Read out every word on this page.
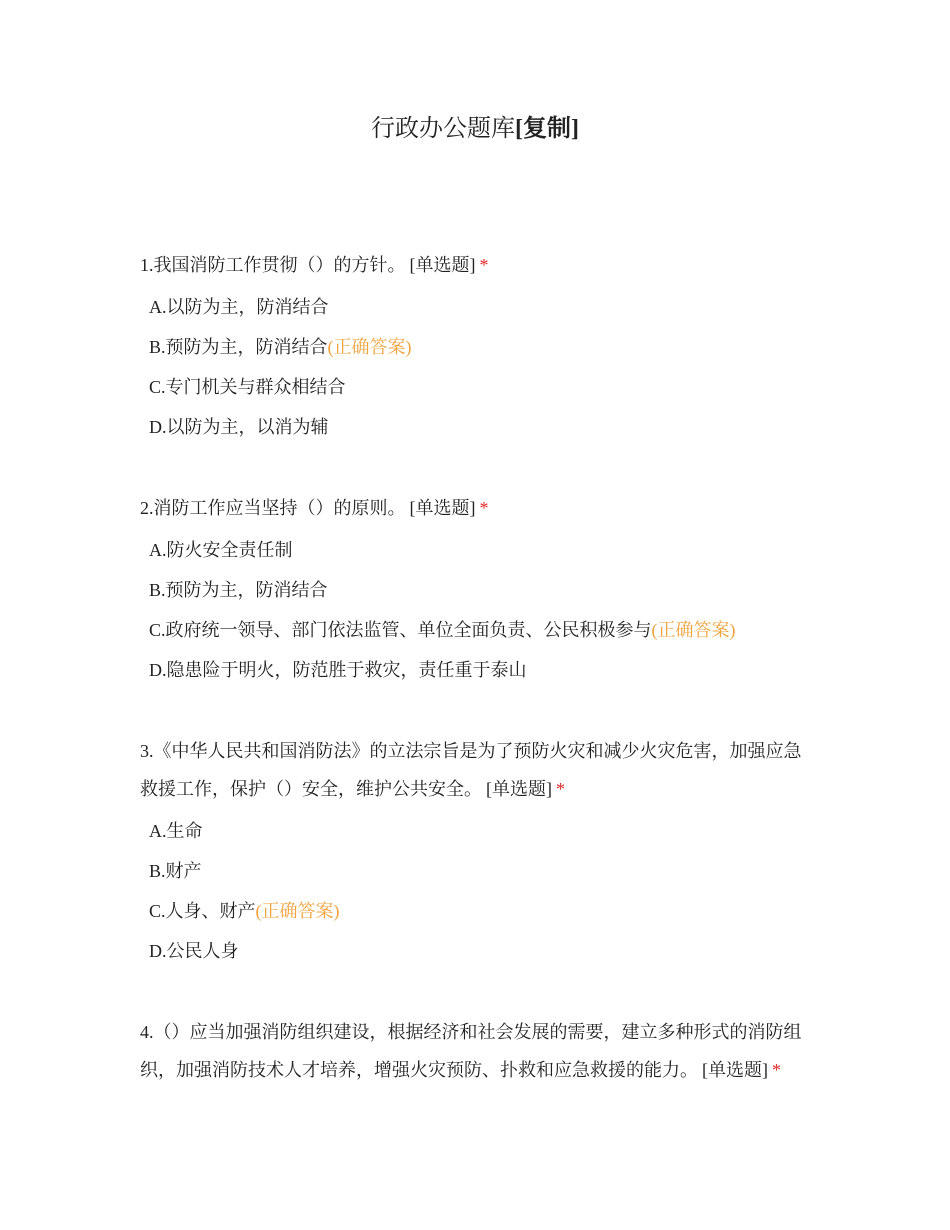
行政办公题库[复制]

1.我国消防工作贯彻（）的方针。 [单选题] *

A.以防为主，防消结合
B.预防为主，防消结合(正确答案)
C.专门机关与群众相结合
D.以防为主，以消为辅

2.消防工作应当坚持（）的原则。 [单选题] *

A.防火安全责任制
B.预防为主，防消结合
C.政府统一领导、部门依法监管、单位全面负责、公民积极参与(正确答案)
D.隐患险于明火，防范胜于救灾，责任重于泰山

3.《中华人民共和国消防法》的立法宗旨是为了预防火灾和减少火灾危害，加强应急救援工作，保护（）安全，维护公共安全。 [单选题] *

A.生命
B.财产
C.人身、财产(正确答案)
D.公民人身

4.（）应当加强消防组织建设，根据经济和社会发展的需要，建立多种形式的消防组织，加强消防技术人才培养，增强火灾预防、扑救和应急救援的能力。 [单选题] *
